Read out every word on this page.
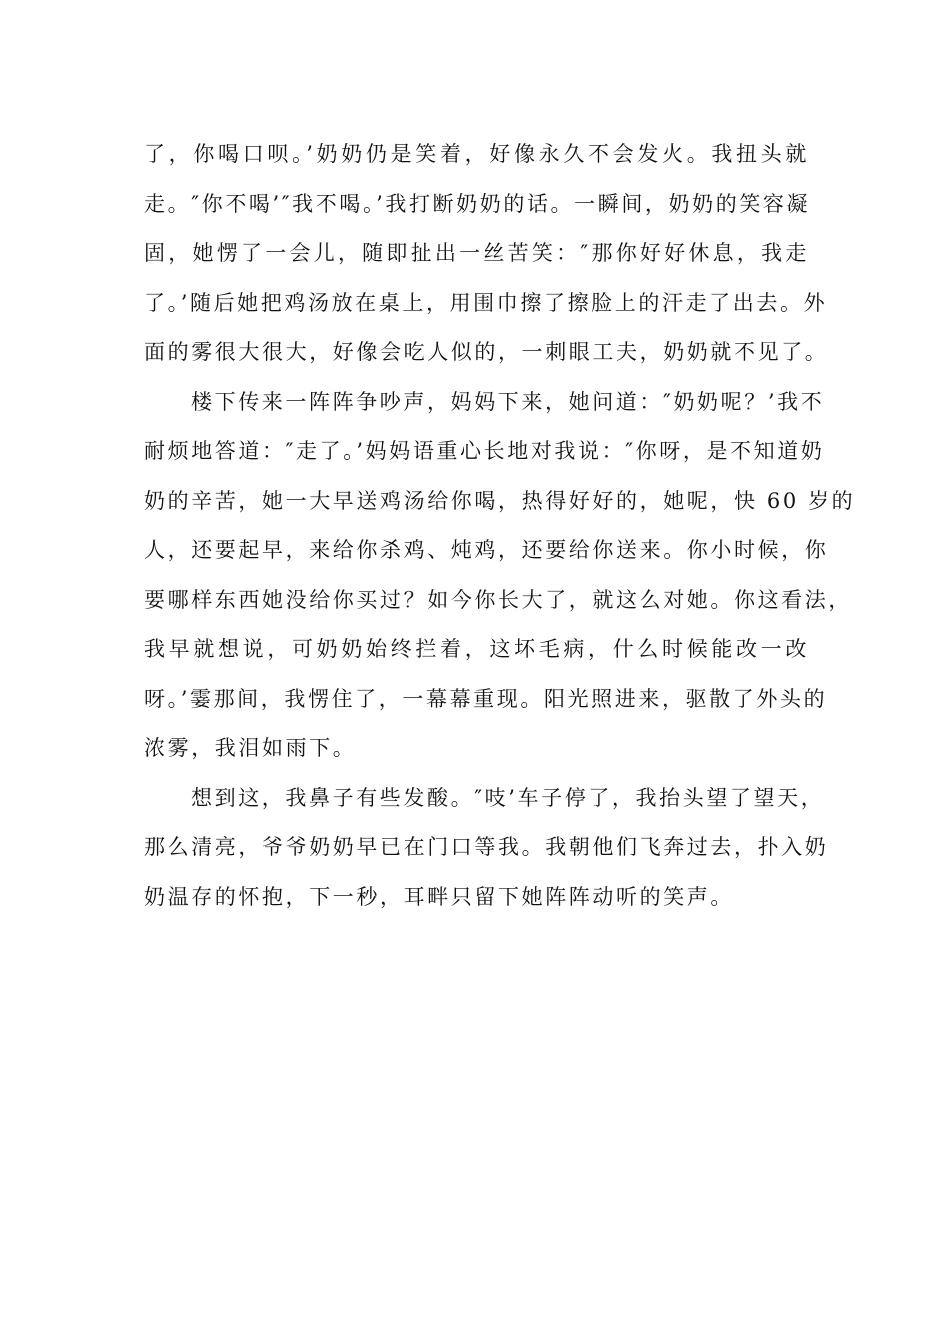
了，你喝口呗。’奶奶仍是笑着，好像永久不会发火。我扭头就
走。″你不喝’″我不喝。’我打断奶奶的话。一瞬间，奶奶的笑容凝
固，她愣了一会儿，随即扯出一丝苦笑：″那你好好休息，我走
了。’随后她把鸡汤放在桌上，用围巾擦了擦脸上的汗走了出去。外
面的雾很大很大，好像会吃人似的，一刺眼工夫，奶奶就不见了。
楼下传来一阵阵争吵声，妈妈下来，她问道：″奶奶呢？’我不
耐烦地答道：″走了。’妈妈语重心长地对我说：″你呀，是不知道奶
奶的辛苦，她一大早送鸡汤给你喝，热得好好的，她呢，快 60 岁的
人，还要起早，来给你杀鸡、炖鸡，还要给你送来。你小时候，你
要哪样东西她没给你买过？如今你长大了，就这么对她。你这看法，
我早就想说，可奶奶始终拦着，这坏毛病，什么时候能改一改
呀。’霎那间，我愣住了，一幕幕重现。阳光照进来，驱散了外头的
浓雾，我泪如雨下。
想到这，我鼻子有些发酸。″吱’车子停了，我抬头望了望天，
那么清亮，爷爷奶奶早已在门口等我。我朝他们飞奔过去，扑入奶
奶温存的怀抱，下一秒，耳畔只留下她阵阵动听的笑声。
